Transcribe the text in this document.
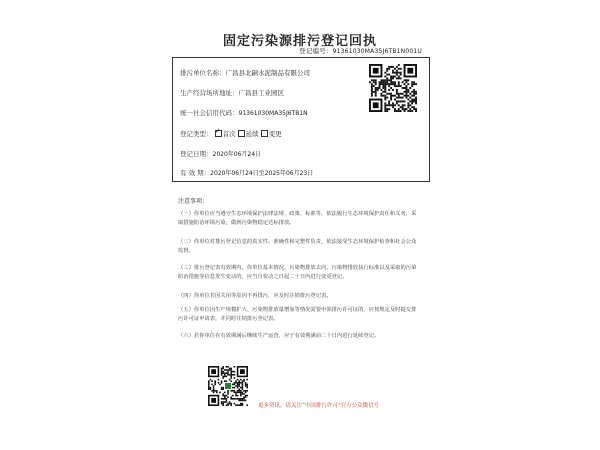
固定污染源排污登记回执
登记编号：91361030MA35J6TB1N001U
排污单位名称：广昌县北嗣水泥制品有限公司
生产经营场所地址：广昌县工业园区
统一社会信用代码：91361030MA35J6TB1N
登记类型： ✓ 首次 延续 变更
登记日期：2020年06月24日
有 效 期：2020年06月24日至2025年06月23日
注意事项：
（一）你单位应当遵守生态环境保护法律法规、政策、标准等，依法履行生态环境保护责任和义务，采取措施防治环境污染，做到污染物稳定达标排放。
（二）你单位对排污登记信息的真实性、准确性和完整性负责，依法接受生态环境保护检查和社会公众监督。
（三）排污登记表有效期内，你单位基本情况、污染物排放去向、污染物排放执行标准以及采取的污染防治措施等信息发生变动的，应当自变动之日起二十日内进行变更登记。
（四）你单位若因关闭等原因不再排污，应及时注销排污登记表。
（五）你单位因生产规模扩大、污染物排放量增加等情况需要申领排污许可证的，应按规定及时提交排污许可证申请表，并同时注销排污登记表。
（六）若你单位在有效期满后继续生产运营，应于有效期满前二十日内进行延续登记。
更多资讯，请关注“中国排污许可”官方公众微信号
